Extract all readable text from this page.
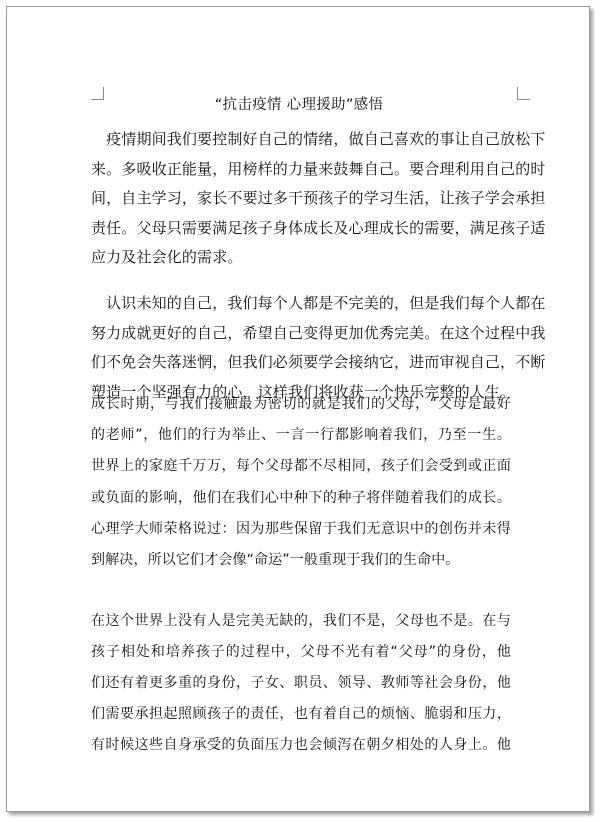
“抗击疫情 心理援助”感悟
　疫情期间我们要控制好自己的情绪，做自己喜欢的事让自己放松下
来。多吸收正能量，用榜样的力量来鼓舞自己。要合理利用自己的时
间，自主学习，家长不要过多干预孩子的学习生活，让孩子学会承担
责任。父母只需要满足孩子身体成长及心理成长的需要，满足孩子适
应力及社会化的需求。
　认识未知的自己，我们每个人都是不完美的，但是我们每个人都在
努力成就更好的自己，希望自己变得更加优秀完美。在这个过程中我
们不免会失落迷惘，但我们必须要学会接纳它，进而审视自己，不断
塑造一个坚强有力的心，这样我们将收获一个快乐完整的人生。
成长时期，与我们接触最为密切的就是我们的父母，“父母是最好
的老师”，他们的行为举止、一言一行都影响着我们，乃至一生。
世界上的家庭千万万，每个父母都不尽相同，孩子们会受到或正面
或负面的影响，他们在我们心中种下的种子将伴随着我们的成长。
心理学大师荣格说过：因为那些保留于我们无意识中的创伤并未得
到解决，所以它们才会像“命运”一般重现于我们的生命中。
在这个世界上没有人是完美无缺的，我们不是，父母也不是。在与
孩子相处和培养孩子的过程中，父母不光有着“父母”的身份，他
们还有着更多重的身份，子女、职员、领导、教师等社会身份，他
们需要承担起照顾孩子的责任，也有着自己的烦恼、脆弱和压力，
有时候这些自身承受的负面压力也会倾泻在朝夕相处的人身上。他
